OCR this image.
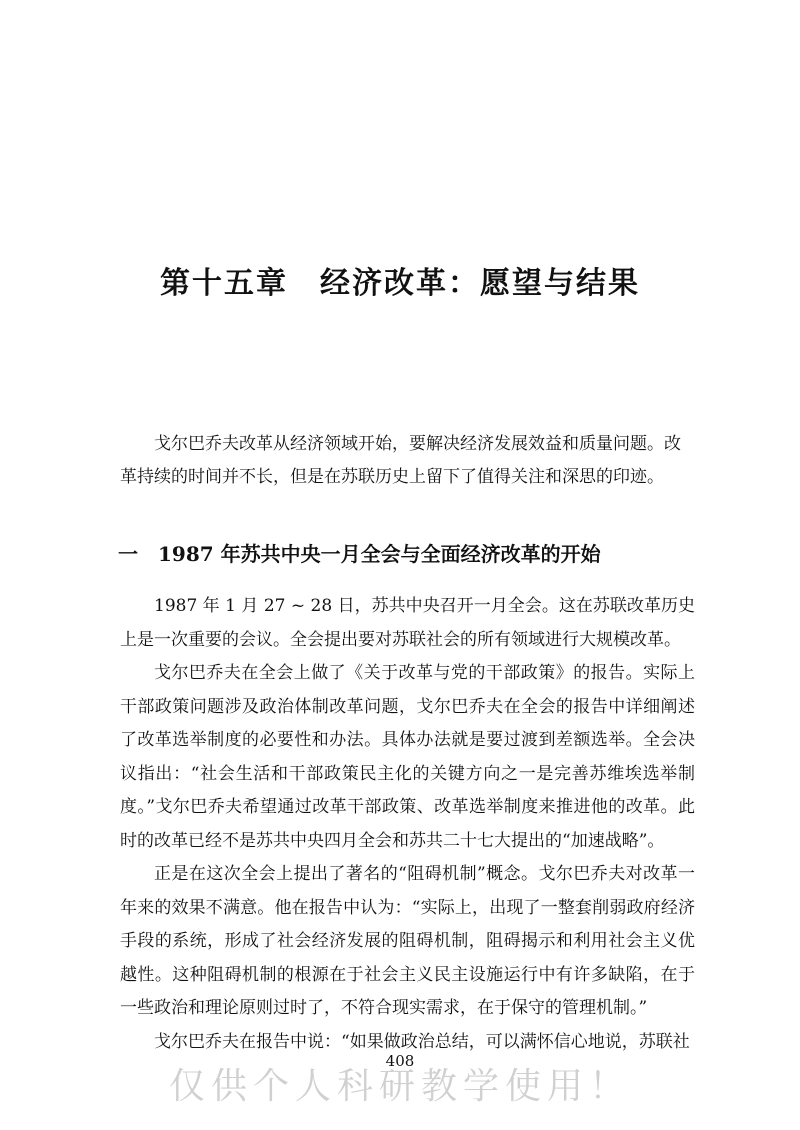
第十五章　经济改革：愿望与结果

戈尔巴乔夫改革从经济领域开始，要解决经济发展效益和质量问题。改革持续的时间并不长，但是在苏联历史上留下了值得关注和深思的印迹。

一　1987 年苏共中央一月全会与全面经济改革的开始

1987 年 1 月 27 ~ 28 日，苏共中央召开一月全会。这在苏联改革历史上是一次重要的会议。全会提出要对苏联社会的所有领域进行大规模改革。

戈尔巴乔夫在全会上做了《关于改革与党的干部政策》的报告。实际上干部政策问题涉及政治体制改革问题，戈尔巴乔夫在全会的报告中详细阐述了改革选举制度的必要性和办法。具体办法就是要过渡到差额选举。全会决议指出：“社会生活和干部政策民主化的关键方向之一是完善苏维埃选举制度。”戈尔巴乔夫希望通过改革干部政策、改革选举制度来推进他的改革。此时的改革已经不是苏共中央四月全会和苏共二十七大提出的“加速战略”。

正是在这次全会上提出了著名的“阻碍机制”概念。戈尔巴乔夫对改革一年来的效果不满意。他在报告中认为：“实际上，出现了一整套削弱政府经济手段的系统，形成了社会经济发展的阻碍机制，阻碍揭示和利用社会主义优越性。这种阻碍机制的根源在于社会主义民主设施运行中有许多缺陷，在于一些政治和理论原则过时了，不符合现实需求，在于保守的管理机制。”

戈尔巴乔夫在报告中说：“如果做政治总结，可以满怀信心地说，苏联社

408
仅供个人科研教学使用！
